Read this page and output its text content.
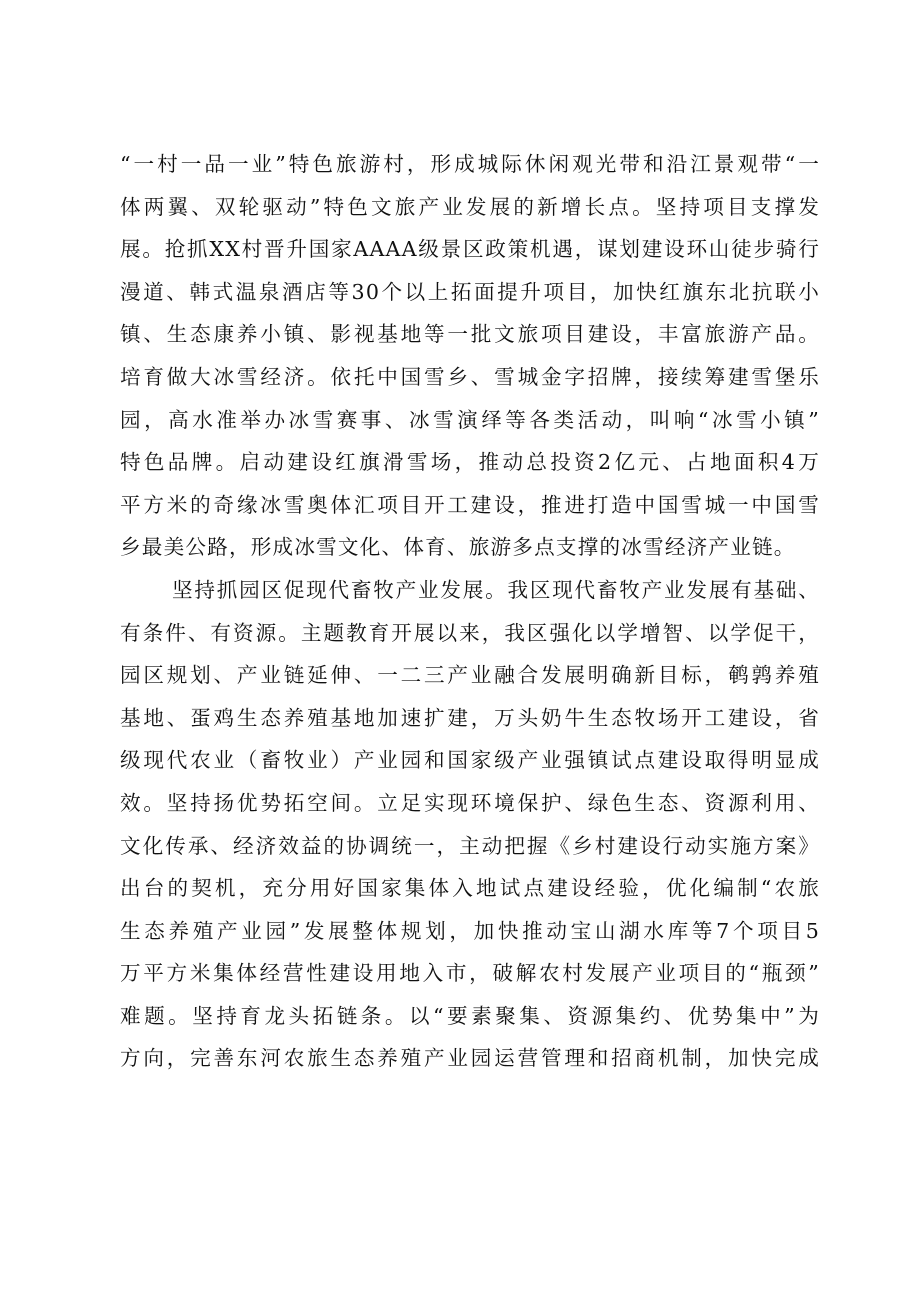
“一村一品一业”特色旅游村，形成城际休闲观光带和沿江景观带“一
体两翼、双轮驱动”特色文旅产业发展的新增长点。坚持项目支撑发
展。抢抓XX村晋升国家AAAA级景区政策机遇，谋划建设环山徒步骑行
漫道、韩式温泉酒店等30个以上拓面提升项目，加快红旗东北抗联小
镇、生态康养小镇、影视基地等一批文旅项目建设，丰富旅游产品。
培育做大冰雪经济。依托中国雪乡、雪城金字招牌，接续筹建雪堡乐
园，高水准举办冰雪赛事、冰雪演绎等各类活动，叫响“冰雪小镇”
特色品牌。启动建设红旗滑雪场，推动总投资2亿元、占地面积4万
平方米的奇缘冰雪奥体汇项目开工建设，推进打造中国雪城一中国雪
乡最美公路，形成冰雪文化、体育、旅游多点支撑的冰雪经济产业链。
坚持抓园区促现代畜牧产业发展。我区现代畜牧产业发展有基础、
有条件、有资源。主题教育开展以来，我区强化以学增智、以学促干，
园区规划、产业链延伸、一二三产业融合发展明确新目标，鹌鹑养殖
基地、蛋鸡生态养殖基地加速扩建，万头奶牛生态牧场开工建设，省
级现代农业（畜牧业）产业园和国家级产业强镇试点建设取得明显成
效。坚持扬优势拓空间。立足实现环境保护、绿色生态、资源利用、
文化传承、经济效益的协调统一，主动把握《乡村建设行动实施方案》
出台的契机，充分用好国家集体入地试点建设经验，优化编制“农旅
生态养殖产业园”发展整体规划，加快推动宝山湖水库等7个项目5
万平方米集体经营性建设用地入市，破解农村发展产业项目的“瓶颈”
难题。坚持育龙头拓链条。以“要素聚集、资源集约、优势集中”为
方向，完善东河农旅生态养殖产业园运营管理和招商机制，加快完成
